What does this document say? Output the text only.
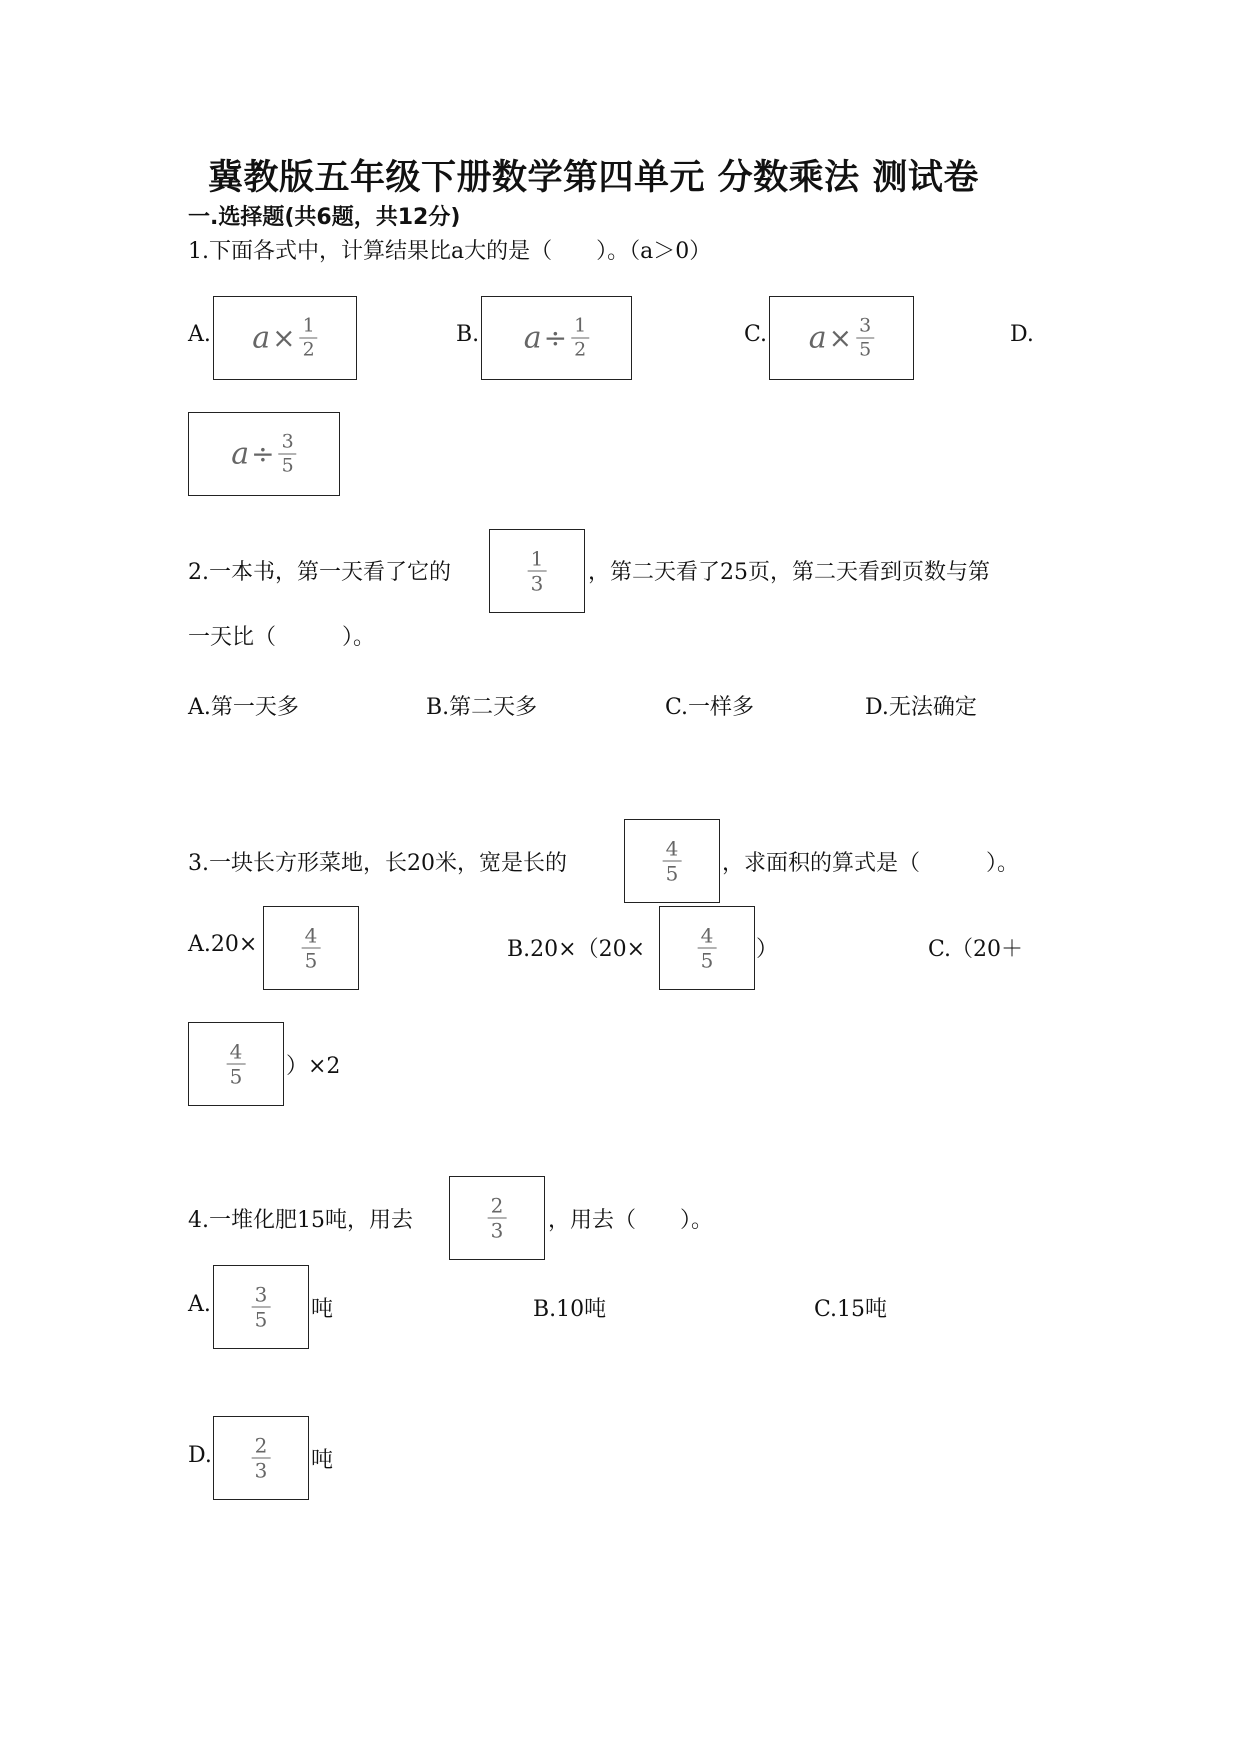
冀教版五年级下册数学第四单元 分数乘法 测试卷
一.选择题(共6题，共12分)
1.下面各式中，计算结果比a大的是（　　）。（a＞0）
A. $a \times \frac{1}{2}$	B. $a \div \frac{1}{2}$	C. $a \times \frac{3}{5}$	D.
$a \div \frac{3}{5}$
2.一本书，第一天看了它的
1
3 ，第二天看了25页，第二天看到页数与第
一天比（　　　）。
A.第一天多	B.第二天多	C.一样多	D.无法确定
3.一块长方形菜地，长20米，宽是长的
4
5 ，求面积的算式是（　　　）。
A.20× 4
5	B.20×（20×
4
5 ）	C.（20＋
4
5 ）×2
4.一堆化肥15吨，用去
2
3 ，用去（　　）。
A. 3
5 吨	B.10吨	C.15吨
D. 2
3 吨
